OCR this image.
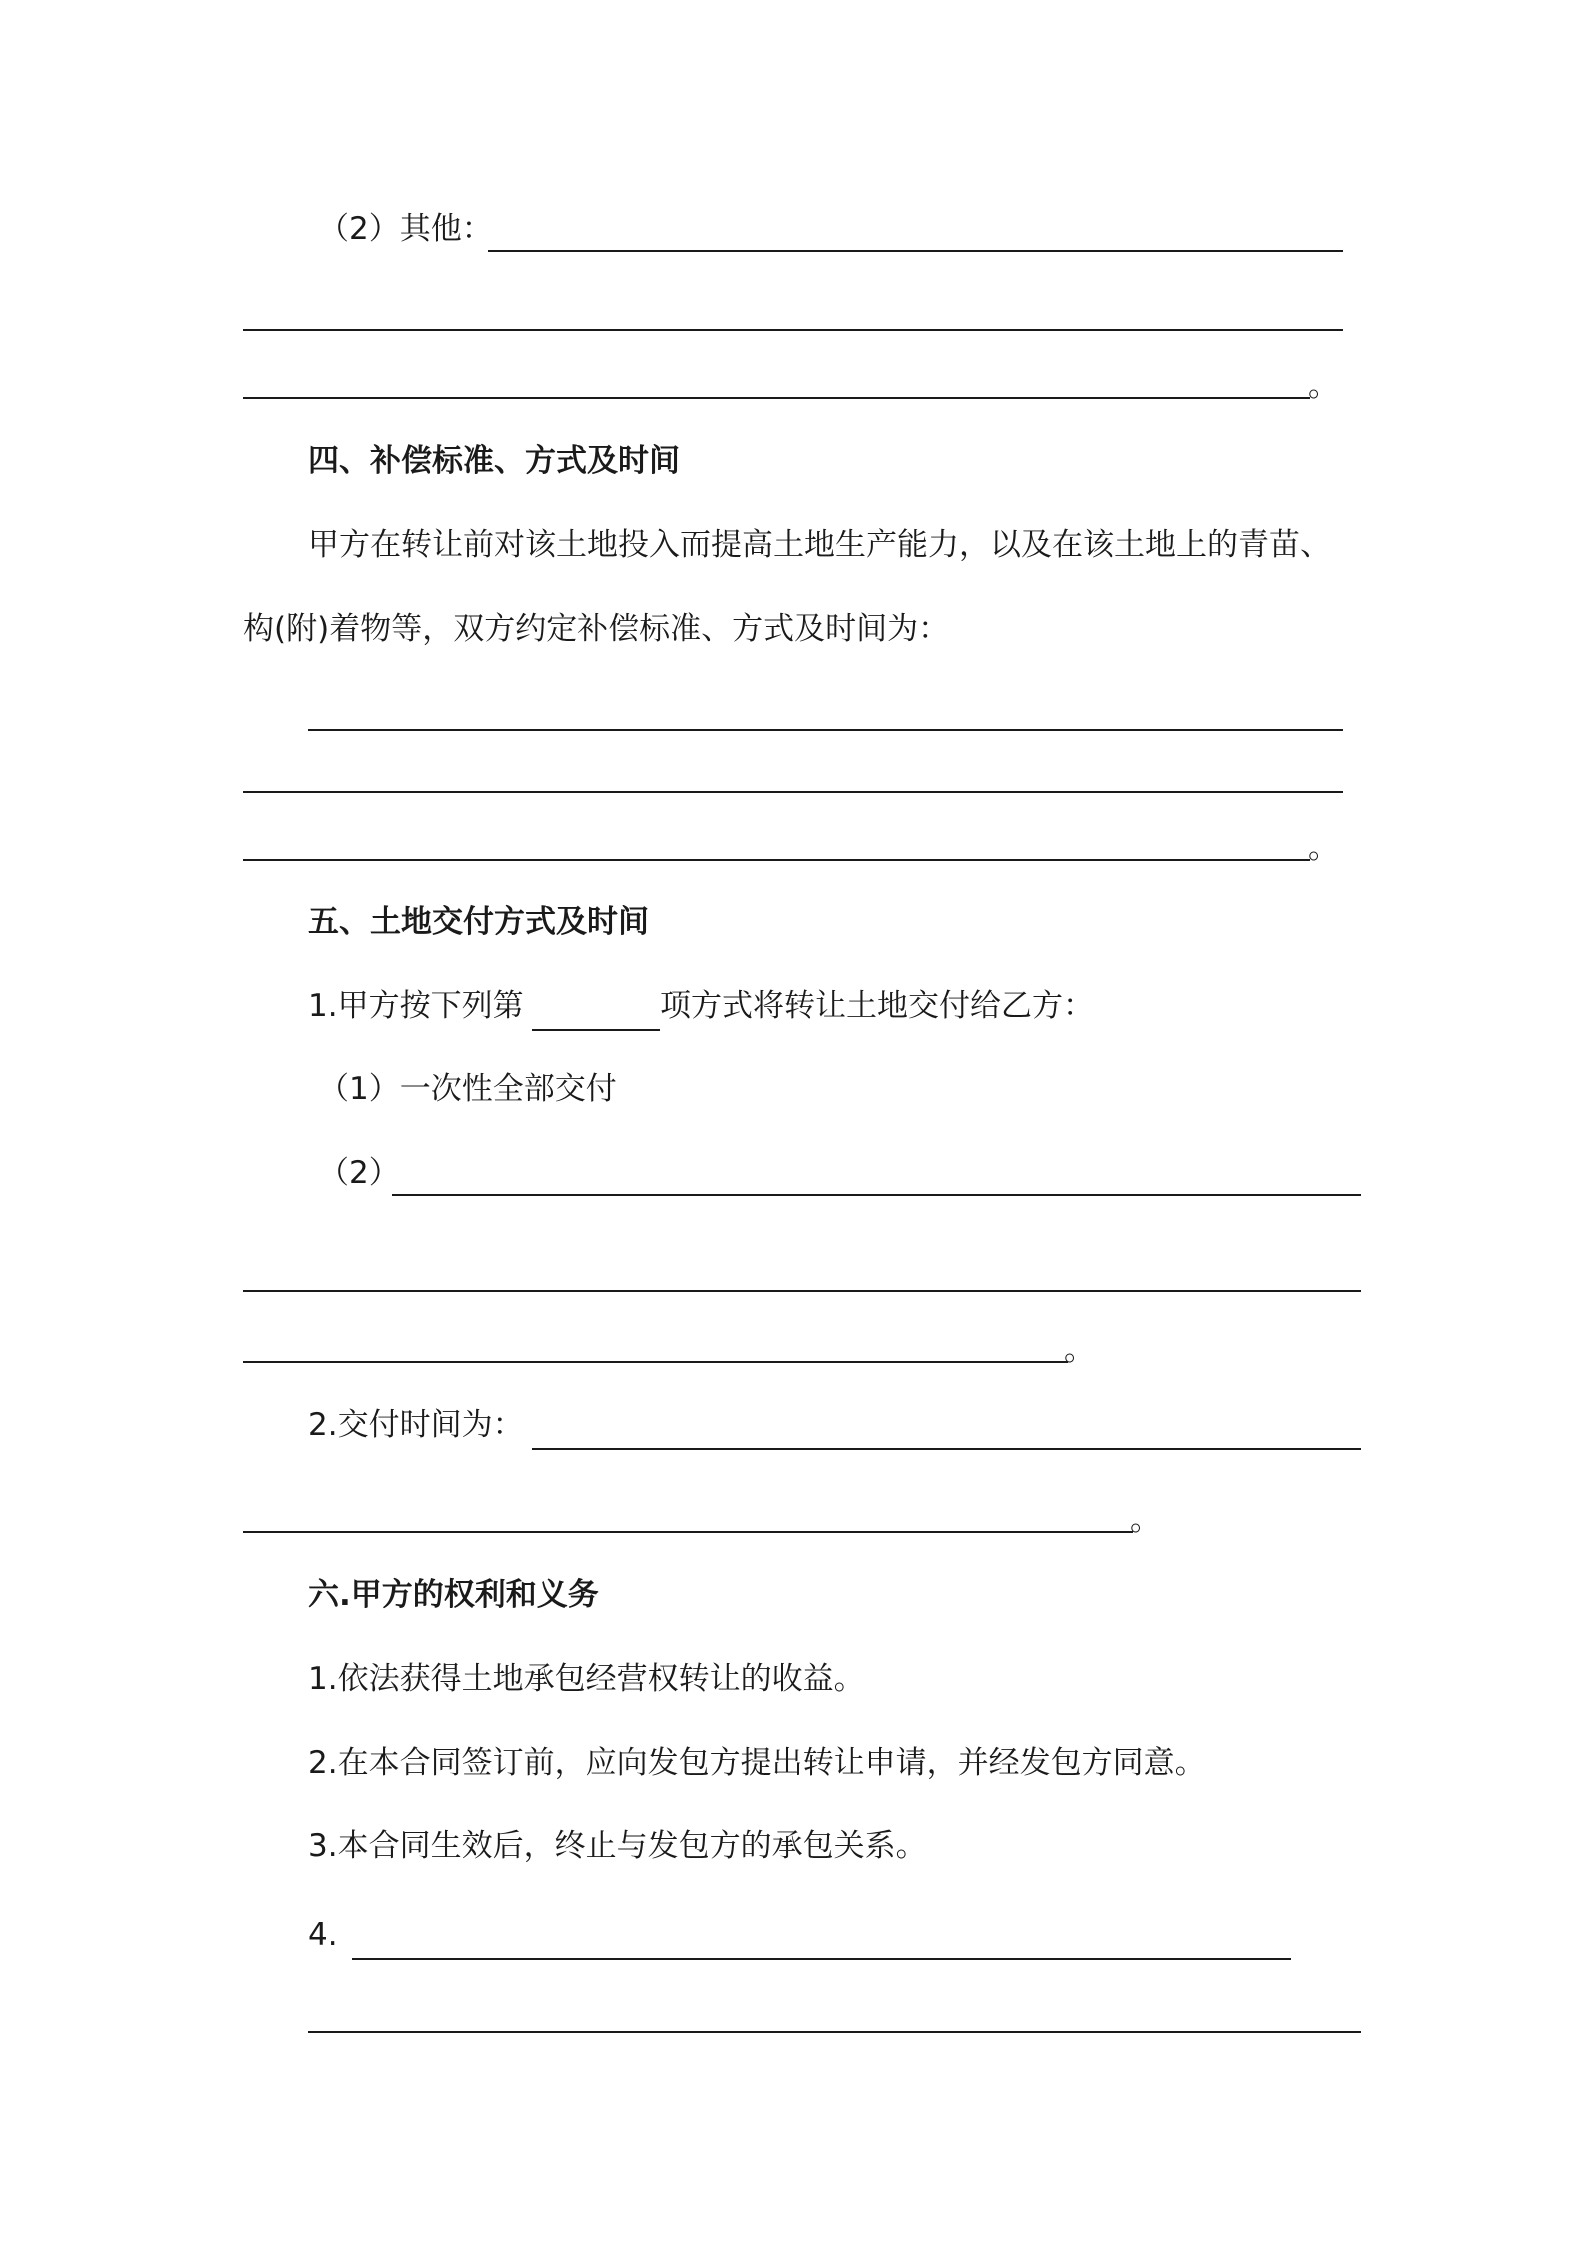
（2）其他：
。
四、补偿标准、方式及时间
甲方在转让前对该土地投入而提高土地生产能力，以及在该土地上的青苗、
构(附)着物等，双方约定补偿标准、方式及时间为：
。
五、土地交付方式及时间
1.甲方按下列第	项方式将转让土地交付给乙方：
（1）一次性全部交付
（2）
。
2.交付时间为：
。
六.甲方的权利和义务
1.依法获得土地承包经营权转让的收益。
2.在本合同签订前，应向发包方提出转让申请，并经发包方同意。
3.本合同生效后，终止与发包方的承包关系。
4.
